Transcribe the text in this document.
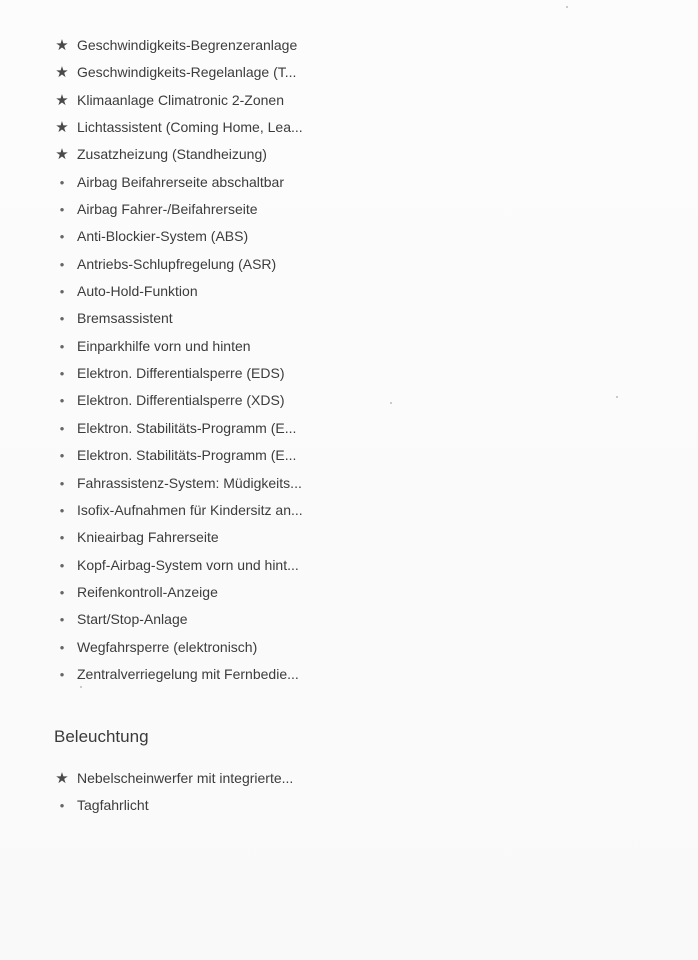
★ Geschwindigkeits-Begrenzeranlage
★ Geschwindigkeits-Regelanlage (T...
★ Klimaanlage Climatronic 2-Zonen
★ Lichtassistent (Coming Home, Lea...
★ Zusatzheizung (Standheizung)
• Airbag Beifahrerseite abschaltbar
• Airbag Fahrer-/Beifahrerseite
• Anti-Blockier-System (ABS)
• Antriebs-Schlupfregelung (ASR)
• Auto-Hold-Funktion
• Bremsassistent
• Einparkhilfe vorn und hinten
• Elektron. Differentialsperre (EDS)
• Elektron. Differentialsperre (XDS)
• Elektron. Stabilitäts-Programm (E...
• Elektron. Stabilitäts-Programm (E...
• Fahrassistenz-System: Müdigkeits...
• Isofix-Aufnahmen für Kindersitz an...
• Knieairbag Fahrerseite
• Kopf-Airbag-System vorn und hint...
• Reifenkontroll-Anzeige
• Start/Stop-Anlage
• Wegfahrsperre (elektronisch)
• Zentralverriegelung mit Fernbedie...
Beleuchtung
★ Nebelscheinwerfer mit integrierte...
• Tagfahrlicht
